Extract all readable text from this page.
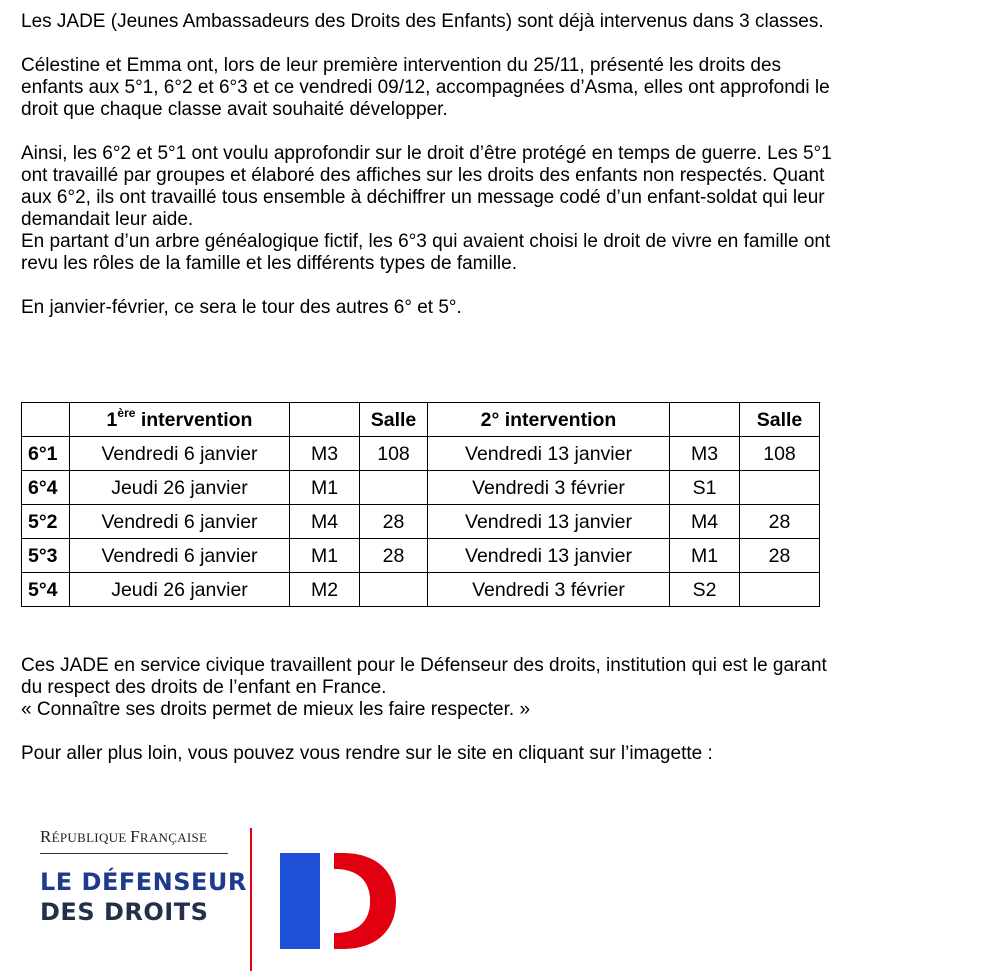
Les JADE (Jeunes Ambassadeurs des Droits des Enfants) sont déjà intervenus dans 3 classes.

Célestine et Emma ont, lors de leur première intervention du 25/11, présenté les droits des
enfants aux 5°1, 6°2 et 6°3 et ce vendredi 09/12, accompagnées d’Asma, elles ont approfondi le
droit que chaque classe avait souhaité développer.
Ainsi, les 6°2 et 5°1 ont voulu approfondir sur le droit d’être protégé en temps de guerre. Les 5°1
ont travaillé par groupes et élaboré des affiches sur les droits des enfants non respectés. Quant
aux 6°2, ils ont travaillé tous ensemble à déchiffrer un message codé d’un enfant-soldat qui leur
demandait leur aide.
En partant d’un arbre généalogique fictif, les 6°3 qui avaient choisi le droit de vivre en famille ont
revu les rôles de la famille et les différents types de famille.

En janvier-février, ce sera le tour des autres 6° et 5°.

	1ère intervention		Salle	2° intervention		Salle
6°1	Vendredi 6 janvier	M3	108	Vendredi 13 janvier	M3	108
6°4	Jeudi 26 janvier	M1		Vendredi 3 février	S1	
5°2	Vendredi 6 janvier	M4	28	Vendredi 13 janvier	M4	28
5°3	Vendredi 6 janvier	M1	28	Vendredi 13 janvier	M1	28
5°4	Jeudi 26 janvier	M2		Vendredi 3 février	S2	
Ces JADE en service civique travaillent pour le Défenseur des droits, institution qui est le garant
du respect des droits de l’enfant en France.
« Connaître ses droits permet de mieux les faire respecter. »
Pour aller plus loin, vous pouvez vous rendre sur le site en cliquant sur l’imagette :
RÉPUBLIQUE FRANÇAISE
LE DÉFENSEUR
DES DROITS
